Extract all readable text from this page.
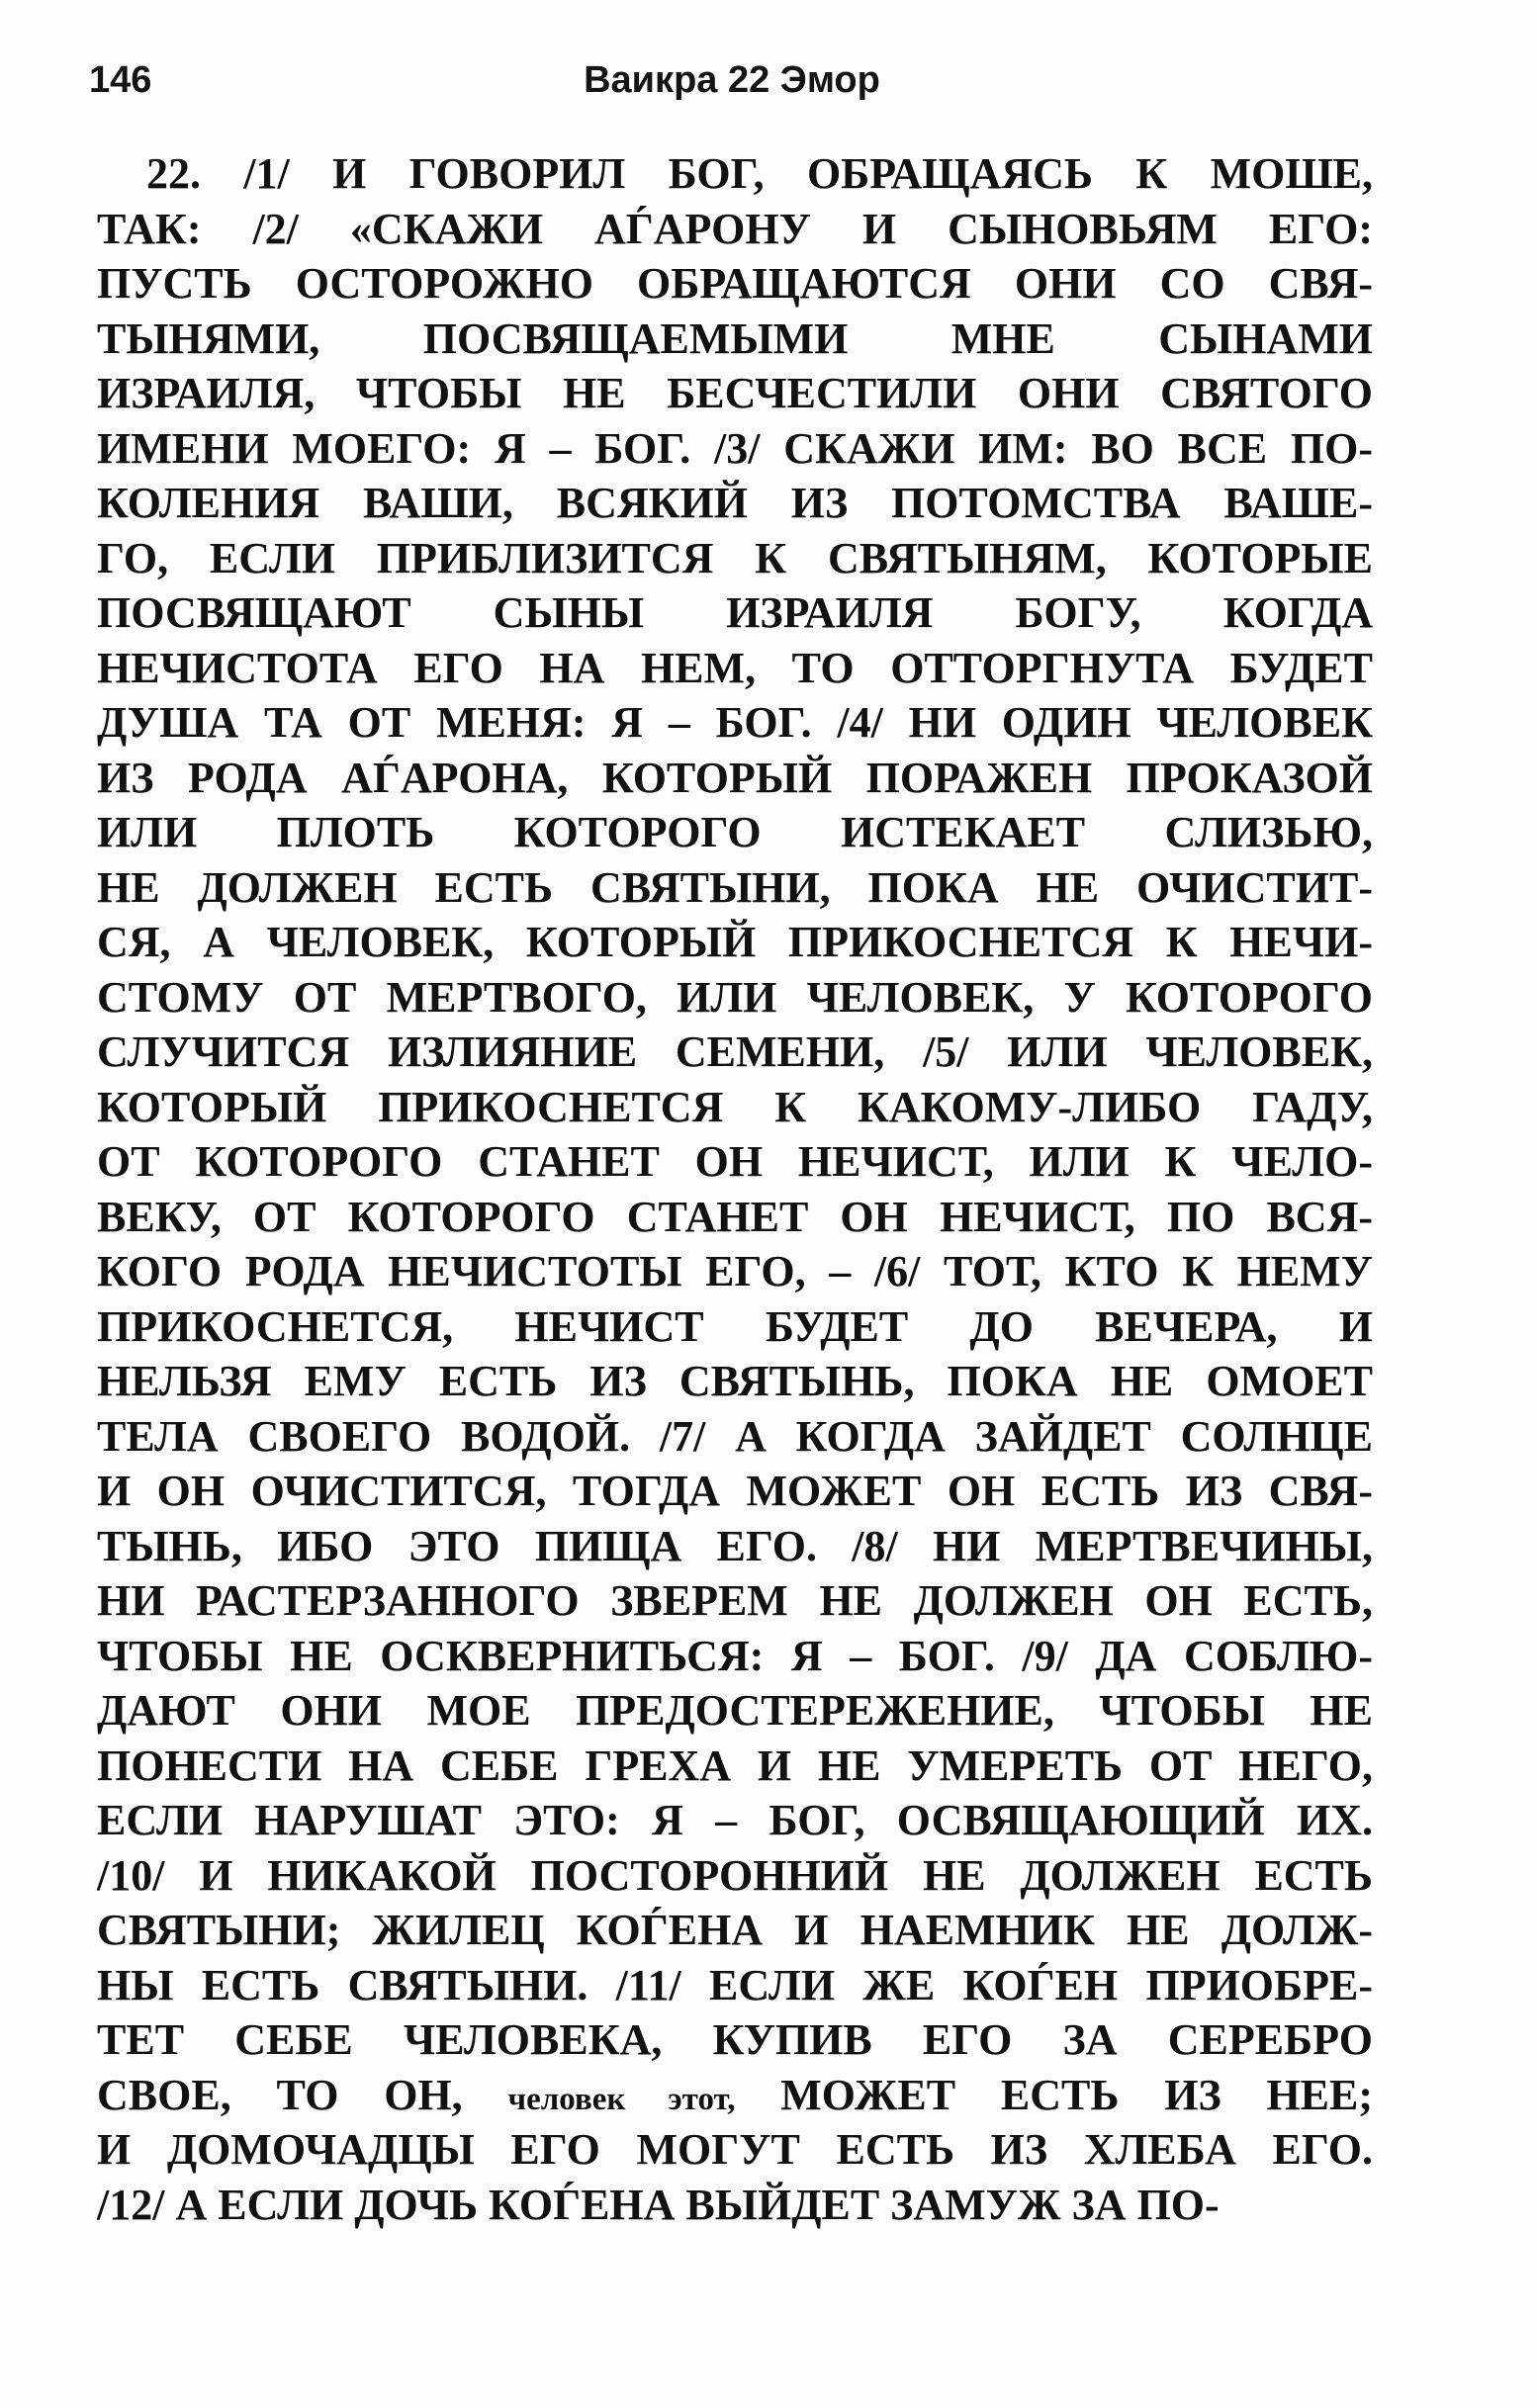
146	Ваикра 22 Эмор
22. /1/ И ГОВОРИЛ БОГ, ОБРАЩАЯСЬ К МОШЕ,
ТАК: /2/ «СКАЖИ АЃАРОНУ И СЫНОВЬЯМ ЕГО:
ПУСТЬ ОСТОРОЖНО ОБРАЩАЮТСЯ ОНИ СО СВЯ-
ТЫНЯМИ, ПОСВЯЩАЕМЫМИ МНЕ СЫНАМИ
ИЗРАИЛЯ, ЧТОБЫ НЕ БЕСЧЕСТИЛИ ОНИ СВЯТОГО
ИМЕНИ МОЕГО: Я – БОГ. /3/ СКАЖИ ИМ: ВО ВСЕ ПО-
КОЛЕНИЯ ВАШИ, ВСЯКИЙ ИЗ ПОТОМСТВА ВАШЕ-
ГО, ЕСЛИ ПРИБЛИЗИТСЯ К СВЯТЫНЯМ, КОТОРЫЕ
ПОСВЯЩАЮТ СЫНЫ ИЗРАИЛЯ БОГУ, КОГДА
НЕЧИСТОТА ЕГО НА НЕМ, ТО ОТТОРГНУТА БУДЕТ
ДУША ТА ОТ МЕНЯ: Я – БОГ. /4/ НИ ОДИН ЧЕЛОВЕК
ИЗ РОДА АЃАРОНА, КОТОРЫЙ ПОРАЖЕН ПРОКАЗОЙ
ИЛИ ПЛОТЬ КОТОРОГО ИСТЕКАЕТ СЛИЗЬЮ,
НЕ ДОЛЖЕН ЕСТЬ СВЯТЫНИ, ПОКА НЕ ОЧИСТИТ-
СЯ, А ЧЕЛОВЕК, КОТОРЫЙ ПРИКОСНЕТСЯ К НЕЧИ-
СТОМУ ОТ МЕРТВОГО, ИЛИ ЧЕЛОВЕК, У КОТОРОГО
СЛУЧИТСЯ ИЗЛИЯНИЕ СЕМЕНИ, /5/ ИЛИ ЧЕЛОВЕК,
КОТОРЫЙ ПРИКОСНЕТСЯ К КАКОМУ-ЛИБО ГАДУ,
ОТ КОТОРОГО СТАНЕТ ОН НЕЧИСТ, ИЛИ К ЧЕЛО-
ВЕКУ, ОТ КОТОРОГО СТАНЕТ ОН НЕЧИСТ, ПО ВСЯ-
КОГО РОДА НЕЧИСТОТЫ ЕГО, – /6/ ТОТ, КТО К НЕМУ
ПРИКОСНЕТСЯ, НЕЧИСТ БУДЕТ ДО ВЕЧЕРА, И
НЕЛЬЗЯ ЕМУ ЕСТЬ ИЗ СВЯТЫНЬ, ПОКА НЕ ОМОЕТ
ТЕЛА СВОЕГО ВОДОЙ. /7/ А КОГДА ЗАЙДЕТ СОЛНЦЕ
И ОН ОЧИСТИТСЯ, ТОГДА МОЖЕТ ОН ЕСТЬ ИЗ СВЯ-
ТЫНЬ, ИБО ЭТО ПИЩА ЕГО. /8/ НИ МЕРТВЕЧИНЫ,
НИ РАСТЕРЗАННОГО ЗВЕРЕМ НЕ ДОЛЖЕН ОН ЕСТЬ,
ЧТОБЫ НЕ ОСКВЕРНИТЬСЯ: Я – БОГ. /9/ ДА СОБЛЮ-
ДАЮТ ОНИ МОЕ ПРЕДОСТЕРЕЖЕНИЕ, ЧТОБЫ НЕ
ПОНЕСТИ НА СЕБЕ ГРЕХА И НЕ УМЕРЕТЬ ОТ НЕГО,
ЕСЛИ НАРУШАТ ЭТО: Я – БОГ, ОСВЯЩАЮЩИЙ ИХ.
/10/ И НИКАКОЙ ПОСТОРОННИЙ НЕ ДОЛЖЕН ЕСТЬ
СВЯТЫНИ; ЖИЛЕЦ КОЃЕНА И НАЕМНИК НЕ ДОЛЖ-
НЫ ЕСТЬ СВЯТЫНИ. /11/ ЕСЛИ ЖЕ КОЃЕН ПРИОБРЕ-
ТЕТ СЕБЕ ЧЕЛОВЕКА, КУПИВ ЕГО ЗА СЕРЕБРО
СВОЕ, ТО ОН, человек этот, МОЖЕТ ЕСТЬ ИЗ НЕЕ;
И ДОМОЧАДЦЫ ЕГО МОГУТ ЕСТЬ ИЗ ХЛЕБА ЕГО.
/12/ А ЕСЛИ ДОЧЬ КОЃЕНА ВЫЙДЕТ ЗАМУЖ ЗА ПО-
